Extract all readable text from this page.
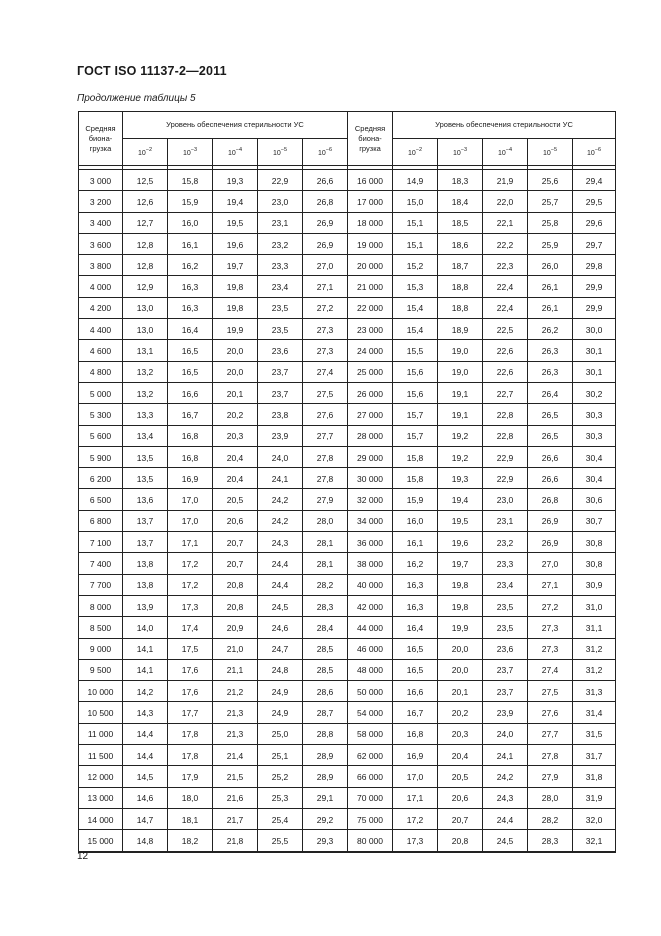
ГОСТ ISO 11137-2—2011
Продолжение таблицы 5
Средняя биона-грузка	Уровень обеспечения стерильности УС					Средняя биона-грузка	Уровень обеспечения стерильности УС				
	$10^{-2}$	$10^{-3}$	$10^{-4}$	$10^{-5}$	$10^{-6}$		$10^{-2}$	$10^{-3}$	$10^{-4}$	$10^{-5}$	$10^{-6}$

3 000	12,5	15,8	19,3	22,9	26,6	16 000	14,9	18,3	21,9	25,6	29,4
3 200	12,6	15,9	19,4	23,0	26,8	17 000	15,0	18,4	22,0	25,7	29,5
3 400	12,7	16,0	19,5	23,1	26,9	18 000	15,1	18,5	22,1	25,8	29,6
3 600	12,8	16,1	19,6	23,2	26,9	19 000	15,1	18,6	22,2	25,9	29,7
3 800	12,8	16,2	19,7	23,3	27,0	20 000	15,2	18,7	22,3	26,0	29,8
4 000	12,9	16,3	19,8	23,4	27,1	21 000	15,3	18,8	22,4	26,1	29,9
4 200	13,0	16,3	19,8	23,5	27,2	22 000	15,4	18,8	22,4	26,1	29,9
4 400	13,0	16,4	19,9	23,5	27,3	23 000	15,4	18,9	22,5	26,2	30,0
4 600	13,1	16,5	20,0	23,6	27,3	24 000	15,5	19,0	22,6	26,3	30,1
4 800	13,2	16,5	20,0	23,7	27,4	25 000	15,6	19,0	22,6	26,3	30,1
5 000	13,2	16,6	20,1	23,7	27,5	26 000	15,6	19,1	22,7	26,4	30,2
5 300	13,3	16,7	20,2	23,8	27,6	27 000	15,7	19,1	22,8	26,5	30,3
5 600	13,4	16,8	20,3	23,9	27,7	28 000	15,7	19,2	22,8	26,5	30,3
5 900	13,5	16,8	20,4	24,0	27,8	29 000	15,8	19,2	22,9	26,6	30,4
6 200	13,5	16,9	20,4	24,1	27,8	30 000	15,8	19,3	22,9	26,6	30,4
6 500	13,6	17,0	20,5	24,2	27,9	32 000	15,9	19,4	23,0	26,8	30,6
6 800	13,7	17,0	20,6	24,2	28,0	34 000	16,0	19,5	23,1	26,9	30,7
7 100	13,7	17,1	20,7	24,3	28,1	36 000	16,1	19,6	23,2	26,9	30,8
7 400	13,8	17,2	20,7	24,4	28,1	38 000	16,2	19,7	23,3	27,0	30,8
7 700	13,8	17,2	20,8	24,4	28,2	40 000	16,3	19,8	23,4	27,1	30,9
8 000	13,9	17,3	20,8	24,5	28,3	42 000	16,3	19,8	23,5	27,2	31,0
8 500	14,0	17,4	20,9	24,6	28,4	44 000	16,4	19,9	23,5	27,3	31,1
9 000	14,1	17,5	21,0	24,7	28,5	46 000	16,5	20,0	23,6	27,3	31,2
9 500	14,1	17,6	21,1	24,8	28,5	48 000	16,5	20,0	23,7	27,4	31,2
10 000	14,2	17,6	21,2	24,9	28,6	50 000	16,6	20,1	23,7	27,5	31,3
10 500	14,3	17,7	21,3	24,9	28,7	54 000	16,7	20,2	23,9	27,6	31,4
11 000	14,4	17,8	21,3	25,0	28,8	58 000	16,8	20,3	24,0	27,7	31,5
11 500	14,4	17,8	21,4	25,1	28,9	62 000	16,9	20,4	24,1	27,8	31,7
12 000	14,5	17,9	21,5	25,2	28,9	66 000	17,0	20,5	24,2	27,9	31,8
13 000	14,6	18,0	21,6	25,3	29,1	70 000	17,1	20,6	24,3	28,0	31,9
14 000	14,7	18,1	21,7	25,4	29,2	75 000	17,2	20,7	24,4	28,2	32,0
15 000	14,8	18,2	21,8	25,5	29,3	80 000	17,3	20,8	24,5	28,3	32,1
12
